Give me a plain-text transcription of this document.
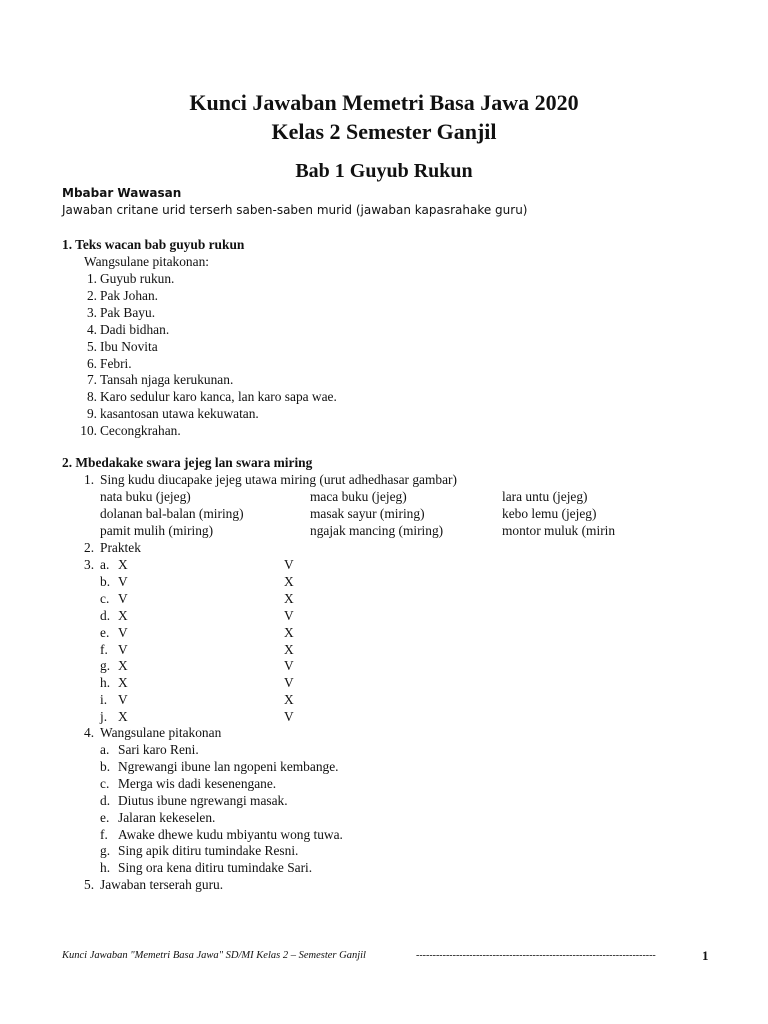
Kunci Jawaban Memetri Basa Jawa 2020
Kelas 2 Semester Ganjil
Bab 1 Guyub Rukun
Mbabar Wawasan
Jawaban critane urid terserh saben-saben murid (jawaban kapasrahake guru)
1. Teks wacan bab guyub rukun
Wangsulane pitakonan:
1. Guyub rukun.
2. Pak Johan.
3. Pak Bayu.
4. Dadi bidhan.
5. Ibu Novita
6. Febri.
7. Tansah njaga kerukunan.
8. Karo sedulur karo kanca, lan karo sapa wae.
9. kasantosan utawa kekuwatan.
10. Cecongkrahan.
2. Mbedakake swara jejeg lan swara miring
1. Sing kudu diucapake jejeg utawa miring (urut adhedhasar gambar)
nata buku (jejeg)	maca buku (jejeg)	lara untu (jejeg)
dolanan bal-balan (miring)	masak sayur (miring)	kebo lemu (jejeg)
pamit mulih (miring)	ngajak mancing (miring)	montor muluk (mirin
2. Praktek
3. a. X	V
b. V	X
c. V	X
d. X	V
e. V	X
f. V	X
g. X	V
h. X	V
i. V	X
j. X	V
4. Wangsulane pitakonan
a. Sari karo Reni.
b. Ngrewangi ibune lan ngopeni kembange.
c. Merga wis dadi kesenengane.
d. Diutus ibune ngrewangi masak.
e. Jalaran kekeselen.
f. Awake dhewe kudu mbiyantu wong tuwa.
g. Sing apik ditiru tumindake Resni.
h. Sing ora kena ditiru tumindake Sari.
5. Jawaban terserah guru.
Kunci Jawaban "Memetri Basa Jawa" SD/MI Kelas 2 – Semester Ganjil	------------------------------------------------------------------------	1
